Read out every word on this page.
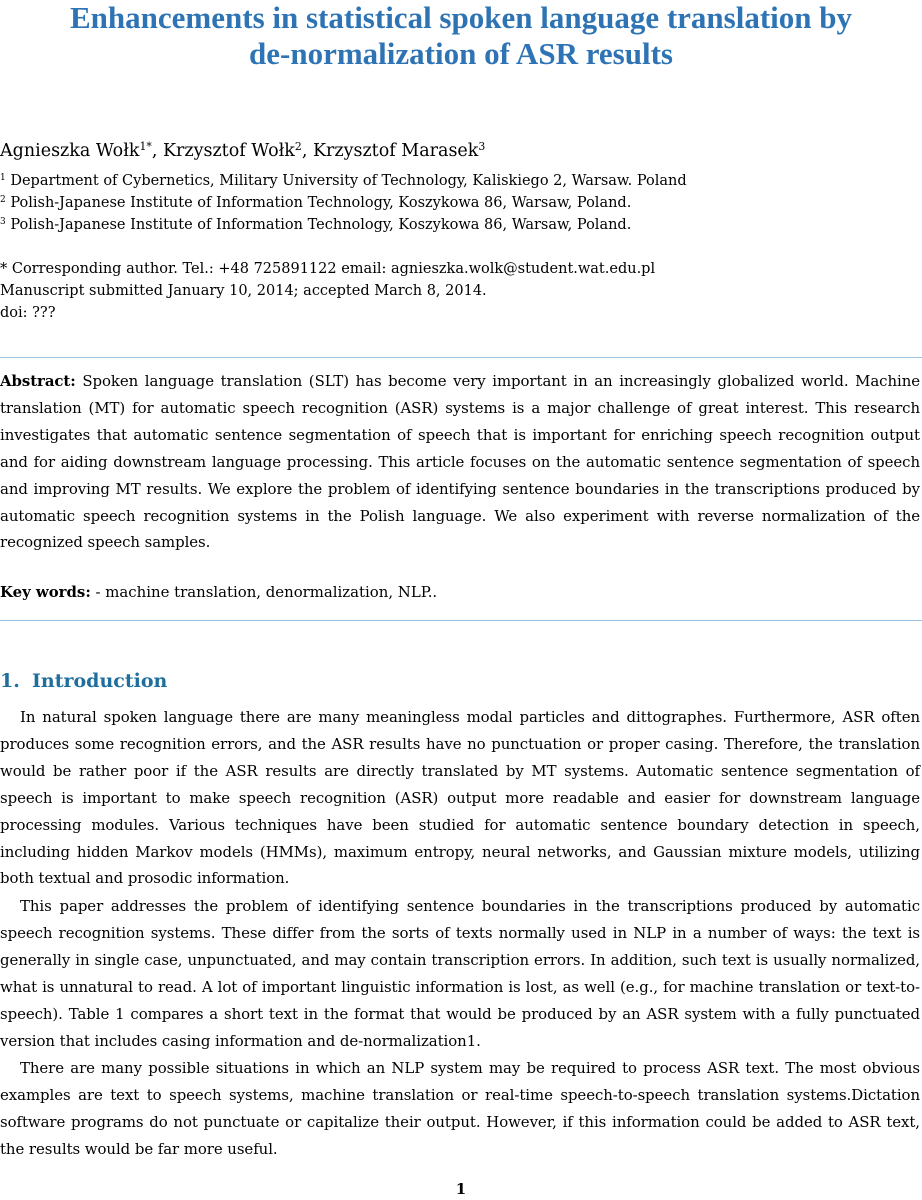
Enhancements in statistical spoken language translation by
de-normalization of ASR results
Agnieszka Wołk$^{1*}$, Krzysztof Wołk$^2$, Krzysztof Marasek$^3$
$^1$ Department of Cybernetics, Military University of Technology, Kaliskiego 2, Warsaw. Poland
$^2$ Polish-Japanese Institute of Information Technology, Koszykowa 86, Warsaw, Poland.
$^3$ Polish-Japanese Institute of Information Technology, Koszykowa 86, Warsaw, Poland.
* Corresponding author. Tel.: +48 725891122 email: agnieszka.wolk@student.wat.edu.pl
Manuscript submitted January 10, 2014; accepted March 8, 2014.
doi: ???

Abstract: Spoken language translation (SLT) has become very important in an increasingly globalized world. Machine translation (MT) for automatic speech recognition (ASR) systems is a major challenge of great interest. This research investigates that automatic sentence segmentation of speech that is important for enriching speech recognition output and for aiding downstream language processing. This article focuses on the automatic sentence segmentation of speech and improving MT results. We explore the problem of identifying sentence boundaries in the transcriptions produced by automatic speech recognition systems in the Polish language. We also experiment with reverse normalization of the recognized speech samples.

Key words: - machine translation, denormalization, NLP..
1. Introduction

In natural spoken language there are many meaningless modal particles and dittographes. Furthermore, ASR often produces some recognition errors, and the ASR results have no punctuation or proper casing. Therefore, the translation would be rather poor if the ASR results are directly translated by MT systems. Automatic sentence segmentation of speech is important to make speech recognition (ASR) output more readable and easier for downstream language processing modules. Various techniques have been studied for automatic sentence boundary detection in speech, including hidden Markov models (HMMs), maximum entropy, neural networks, and Gaussian mixture models, utilizing both textual and prosodic information.

This paper addresses the problem of identifying sentence boundaries in the transcriptions produced by automatic speech recognition systems. These differ from the sorts of texts normally used in NLP in a number of ways: the text is generally in single case, unpunctuated, and may contain transcription errors. In addition, such text is usually normalized, what is unnatural to read. A lot of important linguistic information is lost, as well (e.g., for machine translation or text-to-speech). Table 1 compares a short text in the format that would be produced by an ASR system with a fully punctuated version that includes casing information and de-normalization1.

There are many possible situations in which an NLP system may be required to process ASR text. The most obvious examples are text to speech systems, machine translation or real-time speech-to-speech translation systems.Dictation software programs do not punctuate or capitalize their output. However, if this information could be added to ASR text, the results would be far more useful.

1
